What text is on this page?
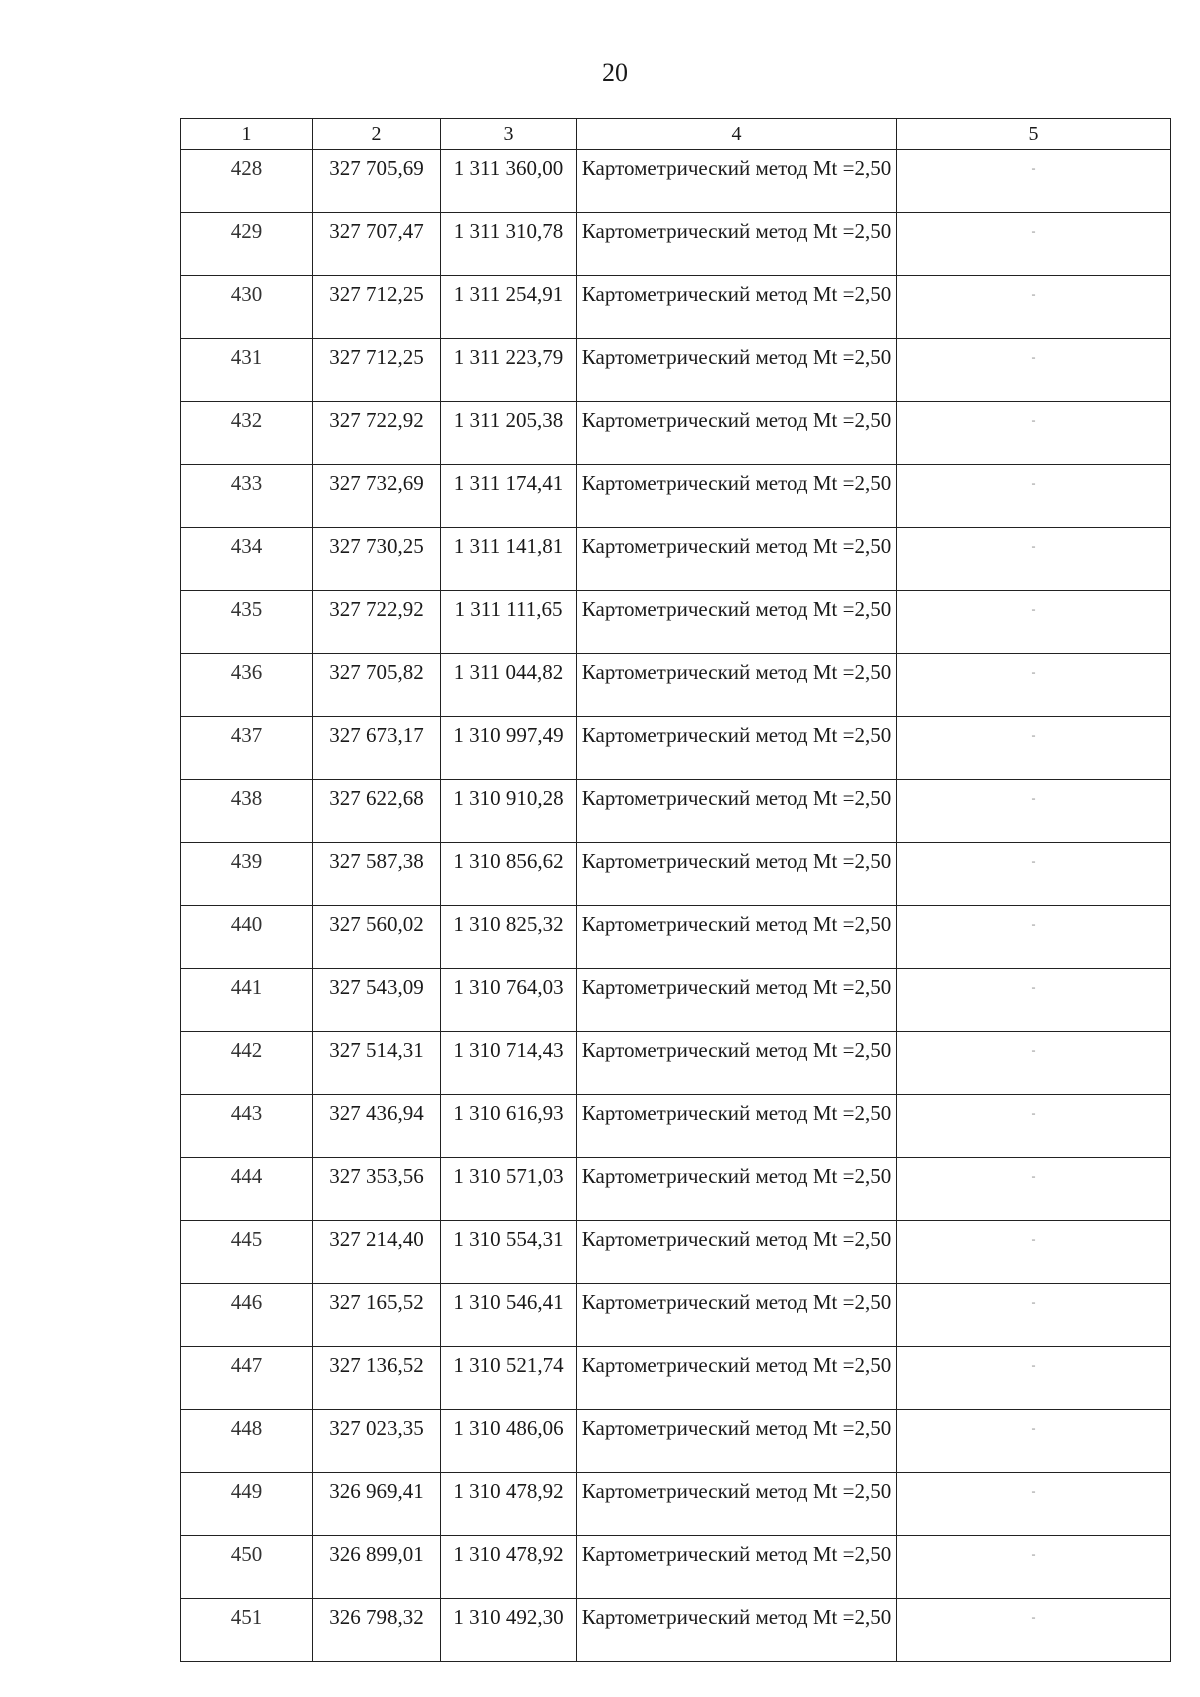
20
1	2	3	4	5
428	327 705,69	1 311 360,00	Картометрический метод Mt =2,50	-
429	327 707,47	1 311 310,78	Картометрический метод Mt =2,50	-
430	327 712,25	1 311 254,91	Картометрический метод Mt =2,50	-
431	327 712,25	1 311 223,79	Картометрический метод Mt =2,50	-
432	327 722,92	1 311 205,38	Картометрический метод Mt =2,50	-
433	327 732,69	1 311 174,41	Картометрический метод Mt =2,50	-
434	327 730,25	1 311 141,81	Картометрический метод Mt =2,50	-
435	327 722,92	1 311 111,65	Картометрический метод Mt =2,50	-
436	327 705,82	1 311 044,82	Картометрический метод Mt =2,50	-
437	327 673,17	1 310 997,49	Картометрический метод Mt =2,50	-
438	327 622,68	1 310 910,28	Картометрический метод Mt =2,50	-
439	327 587,38	1 310 856,62	Картометрический метод Mt =2,50	-
440	327 560,02	1 310 825,32	Картометрический метод Mt =2,50	-
441	327 543,09	1 310 764,03	Картометрический метод Mt =2,50	-
442	327 514,31	1 310 714,43	Картометрический метод Mt =2,50	-
443	327 436,94	1 310 616,93	Картометрический метод Mt =2,50	-
444	327 353,56	1 310 571,03	Картометрический метод Mt =2,50	-
445	327 214,40	1 310 554,31	Картометрический метод Mt =2,50	-
446	327 165,52	1 310 546,41	Картометрический метод Mt =2,50	-
447	327 136,52	1 310 521,74	Картометрический метод Mt =2,50	-
448	327 023,35	1 310 486,06	Картометрический метод Mt =2,50	-
449	326 969,41	1 310 478,92	Картометрический метод Mt =2,50	-
450	326 899,01	1 310 478,92	Картометрический метод Mt =2,50	-
451	326 798,32	1 310 492,30	Картометрический метод Mt =2,50	-
